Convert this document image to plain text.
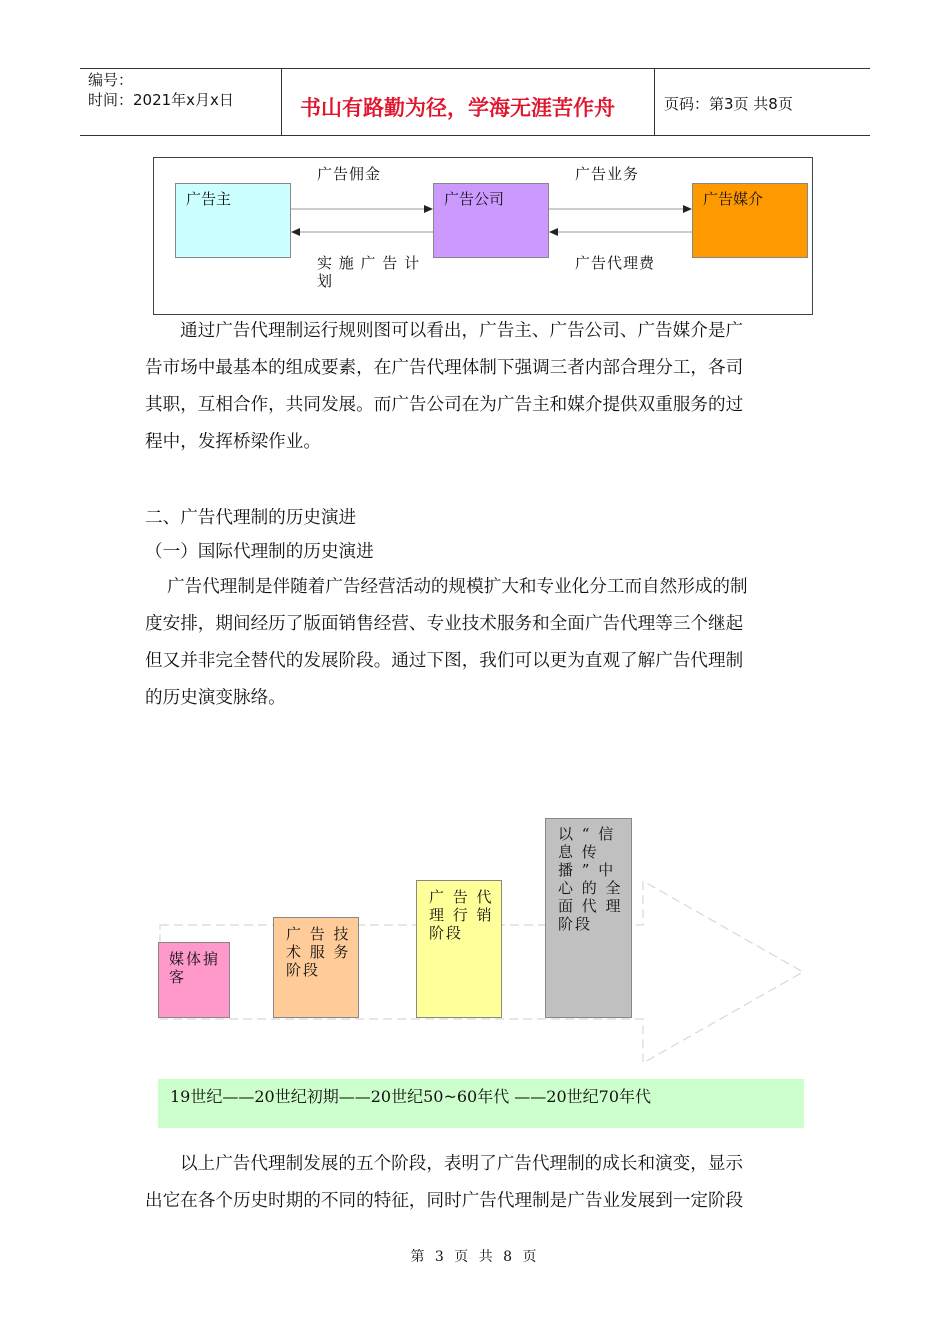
编号：
时间：2021年x月x日	书山有路勤为径，学海无涯苦作舟	页码：第3页 共8页
广告主	广告公司	广告媒介
广告佣金	广告业务
实 施 广 告 计
划
广告代理费
通过广告代理制运行规则图可以看出，广告主、广告公司、广告媒介是广
告市场中最基本的组成要素，在广告代理体制下强调三者内部合理分工，各司
其职，互相合作，共同发展。而广告公司在为广告主和媒介提供双重服务的过
程中，发挥桥梁作业。
二、广告代理制的历史演进
（一）国际代理制的历史演进
广告代理制是伴随着广告经营活动的规模扩大和专业化分工而自然形成的制
度安排，期间经历了版面销售经营、专业技术服务和全面广告代理等三个继起
但又并非完全替代的发展阶段。通过下图，我们可以更为直观了解广告代理制
的历史演变脉络。
媒体掮
客
广 告 技
术 服 务
阶段
广 告 代
理 行 销
阶段
以 “ 信
息 传
播 ” 中
心 的 全
面 代 理
阶段
19世纪——20世纪初期——20世纪50~60年代 ——20世纪70年代
以上广告代理制发展的五个阶段，表明了广告代理制的成长和演变，显示
出它在各个历史时期的不同的特征，同时广告代理制是广告业发展到一定阶段
第 3 页 共 8 页
